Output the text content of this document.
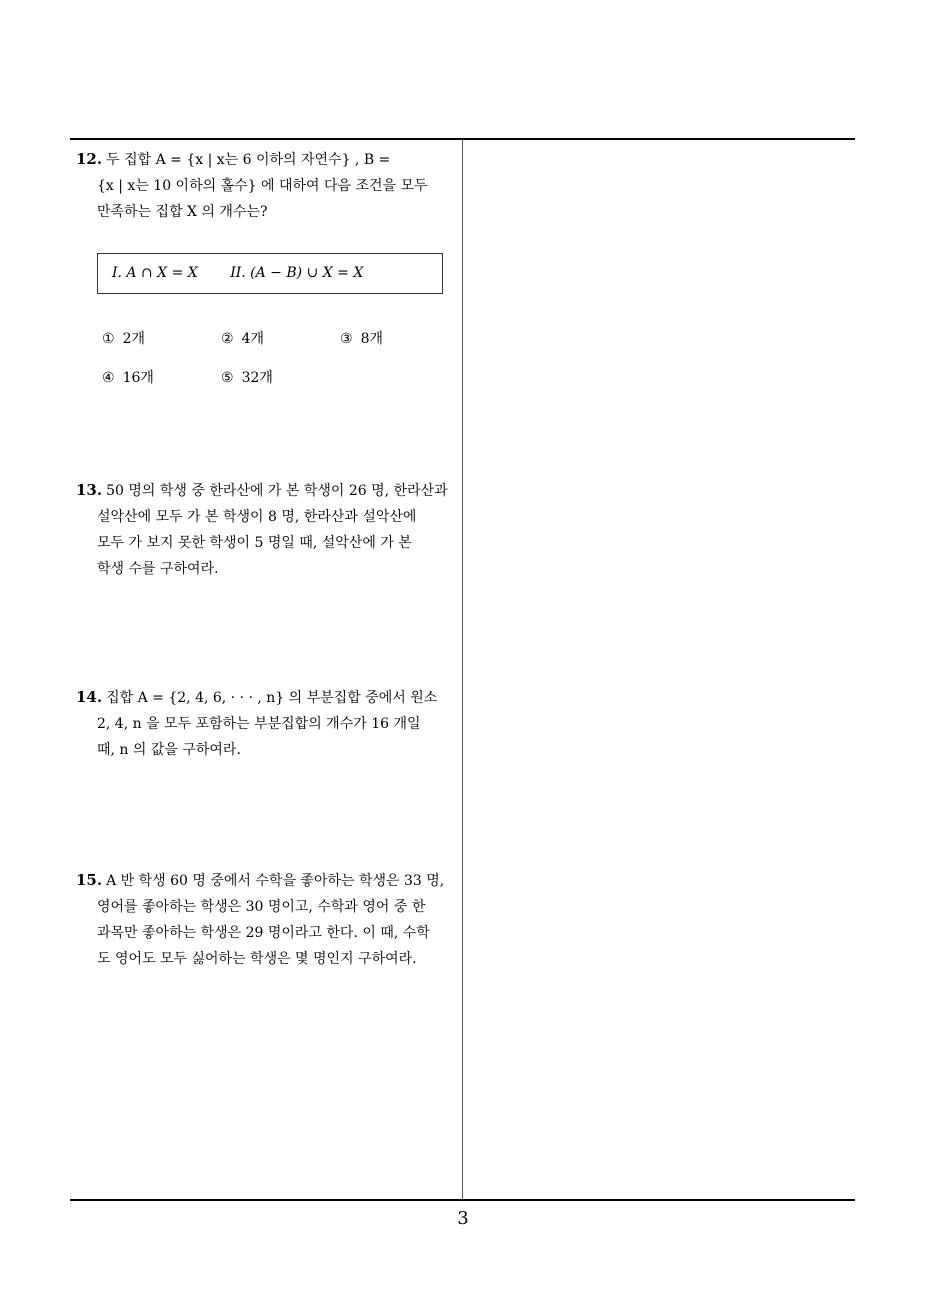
12. 두 집합 A = {x | x는 6 이하의 자연수} , B =
{x | x는 10 이하의 홀수} 에 대하여 다음 조건을 모두
만족하는 집합 X 의 개수는?
I. A ∩ X = X II. (A − B) ∪ X = X
① 2개	② 4개	③ 8개
④ 16개	⑤ 32개
13. 50 명의 학생 중 한라산에 가 본 학생이 26 명, 한라산과
설악산에 모두 가 본 학생이 8 명, 한라산과 설악산에
모두 가 보지 못한 학생이 5 명일 때, 설악산에 가 본
학생 수를 구하여라.
14. 집합 A = {2, 4, 6, · · · , n} 의 부분집합 중에서 원소
2, 4, n 을 모두 포함하는 부분집합의 개수가 16 개일
때, n 의 값을 구하여라.
15. A 반 학생 60 명 중에서 수학을 좋아하는 학생은 33 명,
영어를 좋아하는 학생은 30 명이고, 수학과 영어 중 한
과목만 좋아하는 학생은 29 명이라고 한다. 이 때, 수학
도 영어도 모두 싫어하는 학생은 몇 명인지 구하여라.
3
